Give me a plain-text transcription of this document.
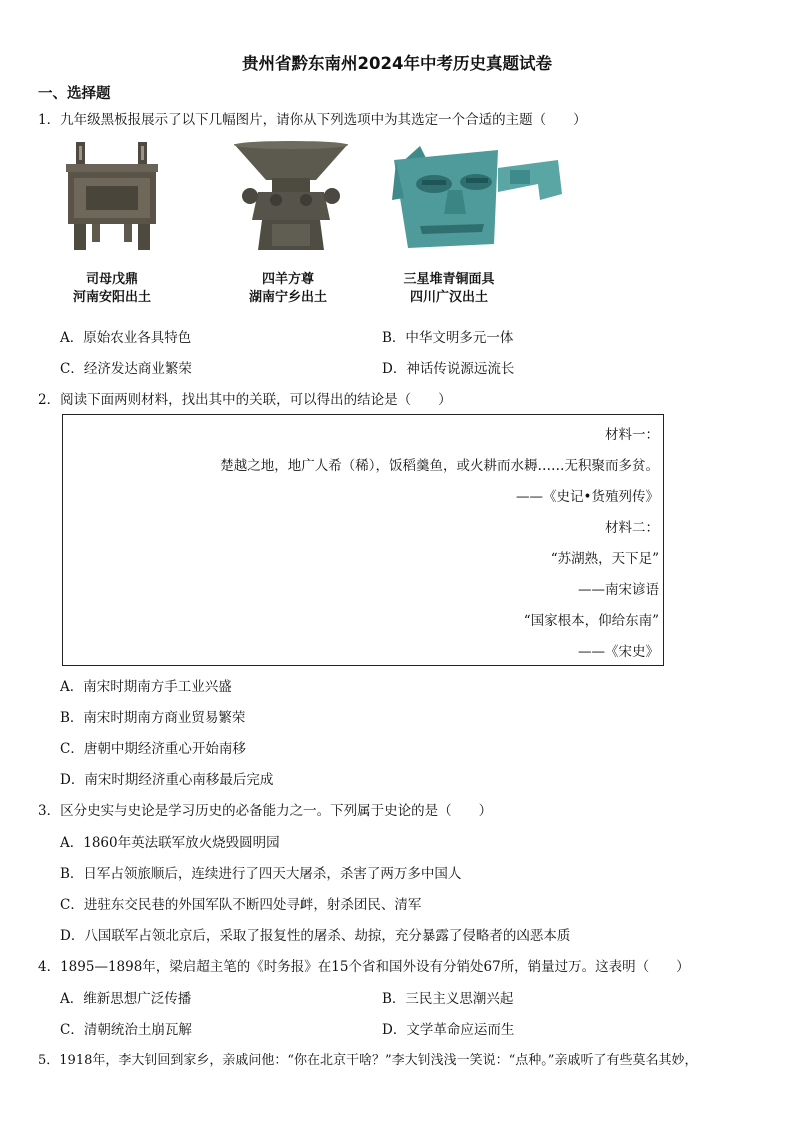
贵州省黔东南州2024年中考历史真题试卷
一、选择题
1．九年级黑板报展示了以下几幅图片，请你从下列选项中为其选定一个合适的主题（　　）
司母戊鼎
河南安阳出土
四羊方尊
湖南宁乡出土
三星堆青铜面具
四川广汉出土
A．原始农业各具特色	B．中华文明多元一体
C．经济发达商业繁荣	D．神话传说源远流长
2．阅读下面两则材料，找出其中的关联，可以得出的结论是（　　）
材料一：
楚越之地，地广人希（稀），饭稻羹鱼，或火耕而水耨……无积聚而多贫。
——《史记•货殖列传》
材料二：
“苏湖熟，天下足”
——南宋谚语
“国家根本，仰给东南”
——《宋史》
A．南宋时期南方手工业兴盛
B．南宋时期南方商业贸易繁荣
C．唐朝中期经济重心开始南移
D．南宋时期经济重心南移最后完成
3．区分史实与史论是学习历史的必备能力之一。下列属于史论的是（　　）
A．1860年英法联军放火烧毁圆明园
B．日军占领旅顺后，连续进行了四天大屠杀，杀害了两万多中国人
C．进驻东交民巷的外国军队不断四处寻衅，射杀团民、清军
D．八国联军占领北京后，采取了报复性的屠杀、劫掠，充分暴露了侵略者的凶恶本质
4．1895—1898年，梁启超主笔的《时务报》在15个省和国外设有分销处67所，销量过万。这表明（　　）
A．维新思想广泛传播	B．三民主义思潮兴起
C．清朝统治土崩瓦解	D．文学革命应运而生
5．1918年，李大钊回到家乡，亲戚问他：“你在北京干啥？”李大钊浅浅一笑说：“点种。”亲戚听了有些莫名其妙，
